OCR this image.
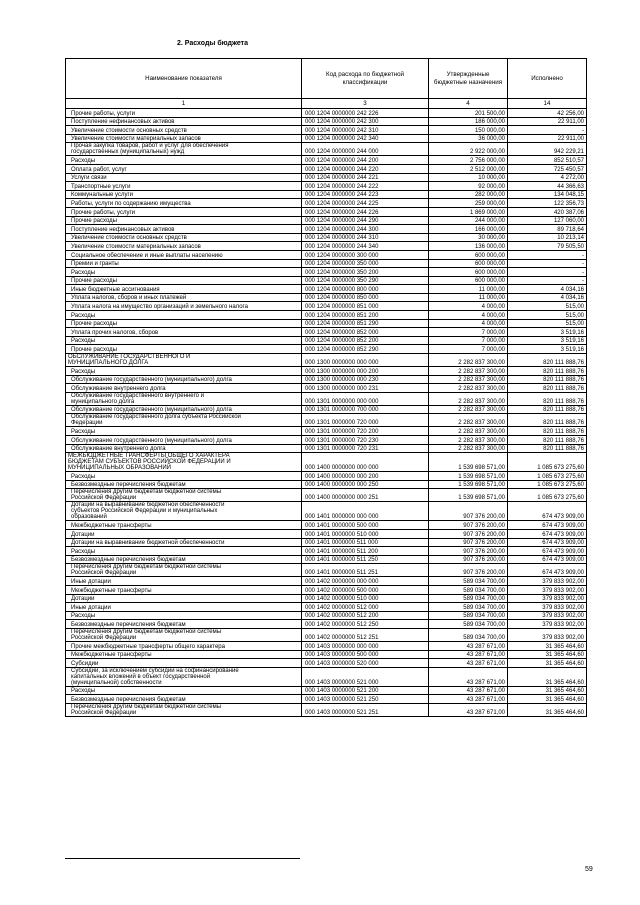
2. Расходы бюджета
Наименование показателя	Код расхода по бюджетной классификации	Утвержденные бюджетные назначения	Исполнено
1	3	4	14
Прочие работы, услуги	000 1204 0000000 242 226	201 500,00	42 256,00
Поступление нефинансовых активов	000 1204 0000000 242 300	186 000,00	22 911,00
Увеличение стоимости основных средств	000 1204 0000000 242 310	150 000,00	-
Увеличение стоимости материальных запасов	000 1204 0000000 242 340	36 000,00	22 911,00
Прочая закупка товаров, работ и услуг для обеспечения
государственных (муниципальных) нужд	000 1204 0000000 244 000	2 922 000,00	942 229,21
Расходы	000 1204 0000000 244 200	2 756 000,00	852 510,57
Оплата работ, услуг	000 1204 0000000 244 220	2 512 000,00	725 450,57
Услуги связи	000 1204 0000000 244 221	10 000,00	4 272,00
Транспортные услуги	000 1204 0000000 244 222	92 000,00	44 366,63
Коммунальные услуги	000 1204 0000000 244 223	282 000,00	134 048,15
Работы, услуги по содержанию имущества	000 1204 0000000 244 225	259 000,00	122 356,73
Прочие работы, услуги	000 1204 0000000 244 226	1 869 000,00	420 387,06
Прочие расходы	000 1204 0000000 244 290	244 000,00	127 060,00
Поступление нефинансовых активов	000 1204 0000000 244 300	166 000,00	89 718,64
Увеличение стоимости основных средств	000 1204 0000000 244 310	30 000,00	10 213,14
Увеличение стоимости материальных запасов	000 1204 0000000 244 340	136 000,00	79 505,50
Социальное обеспечение и иные выплаты населению	000 1204 0000000 300 000	600 000,00	-
Премии и гранты	000 1204 0000000 350 000	600 000,00	-
Расходы	000 1204 0000000 350 200	600 000,00	-
Прочие расходы	000 1204 0000000 350 290	600 000,00	-
Иные бюджетные ассигнования	000 1204 0000000 800 000	11 000,00	4 034,16
Уплата налогов, сборов и иных платежей	000 1204 0000000 850 000	11 000,00	4 034,16
Уплата налога на имущество организаций и земельного налога	000 1204 0000000 851 000	4 000,00	515,00
Расходы	000 1204 0000000 851 200	4 000,00	515,00
Прочие расходы	000 1204 0000000 851 290	4 000,00	515,00
Уплата прочих налогов, сборов	000 1204 0000000 852 000	7 000,00	3 519,16
Расходы	000 1204 0000000 852 200	7 000,00	3 519,16
Прочие расходы	000 1204 0000000 852 290	7 000,00	3 519,16
ОБСЛУЖИВАНИЕ ГОСУДАРСТВЕННОГО И
МУНИЦИПАЛЬНОГО ДОЛГА	000 1300 0000000 000 000	2 282 837 300,00	820 111 888,76
Расходы	000 1300 0000000 000 200	2 282 837 300,00	820 111 888,76
Обслуживание государственного (муниципального) долга	000 1300 0000000 000 230	2 282 837 300,00	820 111 888,76
Обслуживание внутреннего долга	000 1300 0000000 000 231	2 282 837 300,00	820 111 888,76
Обслуживание государственного внутреннего и
муниципального долга	000 1301 0000000 000 000	2 282 837 300,00	820 111 888,76
Обслуживание государственного (муниципального) долга	000 1301 0000000 700 000	2 282 837 300,00	820 111 888,76
Обслуживание государственного долга субъекта Российской
Федерации	000 1301 0000000 720 000	2 282 837 300,00	820 111 888,76
Расходы	000 1301 0000000 720 200	2 282 837 300,00	820 111 888,76
Обслуживание государственного (муниципального) долга	000 1301 0000000 720 230	2 282 837 300,00	820 111 888,76
Обслуживание внутреннего долга	000 1301 0000000 720 231	2 282 837 300,00	820 111 888,76
МЕЖБЮДЖЕТНЫЕ ТРАНСФЕРТЫ ОБЩЕГО ХАРАКТЕРА
БЮДЖЕТАМ СУБЪЕКТОВ РОССИЙСКОЙ ФЕДЕРАЦИИ И
МУНИЦИПАЛЬНЫХ ОБРАЗОВАНИЙ	000 1400 0000000 000 000	1 539 698 571,00	1 085 673 275,60
Расходы	000 1400 0000000 000 200	1 539 698 571,00	1 085 673 275,60
Безвозмездные перечисления бюджетам	000 1400 0000000 000 250	1 539 698 571,00	1 085 673 275,60
Перечисления другим бюджетам бюджетной системы
Российской Федерации	000 1400 0000000 000 251	1 539 698 571,00	1 085 673 275,60
Дотации на выравнивание бюджетной обеспеченности
субъектов Российской Федерации и муниципальных
образований	000 1401 0000000 000 000	907 376 200,00	674 473 909,00
Межбюджетные трансферты	000 1401 0000000 500 000	907 376 200,00	674 473 909,00
Дотации	000 1401 0000000 510 000	907 376 200,00	674 473 909,00
Дотации на выравнивание бюджетной обеспеченности	000 1401 0000000 511 000	907 376 200,00	674 473 909,00
Расходы	000 1401 0000000 511 200	907 376 200,00	674 473 909,00
Безвозмездные перечисления бюджетам	000 1401 0000000 511 250	907 376 200,00	674 473 909,00
Перечисления другим бюджетам бюджетной системы
Российской Федерации	000 1401 0000000 511 251	907 376 200,00	674 473 909,00
Иные дотации	000 1402 0000000 000 000	589 034 700,00	379 833 902,00
Межбюджетные трансферты	000 1402 0000000 500 000	589 034 700,00	379 833 902,00
Дотации	000 1402 0000000 510 000	589 034 700,00	379 833 902,00
Иные дотации	000 1402 0000000 512 000	589 034 700,00	379 833 902,00
Расходы	000 1402 0000000 512 200	589 034 700,00	379 833 902,00
Безвозмездные перечисления бюджетам	000 1402 0000000 512 250	589 034 700,00	379 833 902,00
Перечисления другим бюджетам бюджетной системы
Российской Федерации	000 1402 0000000 512 251	589 034 700,00	379 833 902,00
Прочие межбюджетные трансферты общего характера	000 1403 0000000 000 000	43 287 671,00	31 365 464,60
Межбюджетные трансферты	000 1403 0000000 500 000	43 287 671,00	31 365 464,60
Субсидии	000 1403 0000000 520 000	43 287 671,00	31 365 464,60
Субсидии, за исключением субсидий на софинансирование
капитальных вложений в объект государственной
(муниципальной) собственности	000 1403 0000000 521 000	43 287 671,00	31 365 464,60
Расходы	000 1403 0000000 521 200	43 287 671,00	31 365 464,60
Безвозмездные перечисления бюджетам	000 1403 0000000 521 250	43 287 671,00	31 365 464,60
Перечисления другим бюджетам бюджетной системы
Российской Федерации	000 1403 0000000 521 251	43 287 671,00	31 365 464,60
59
